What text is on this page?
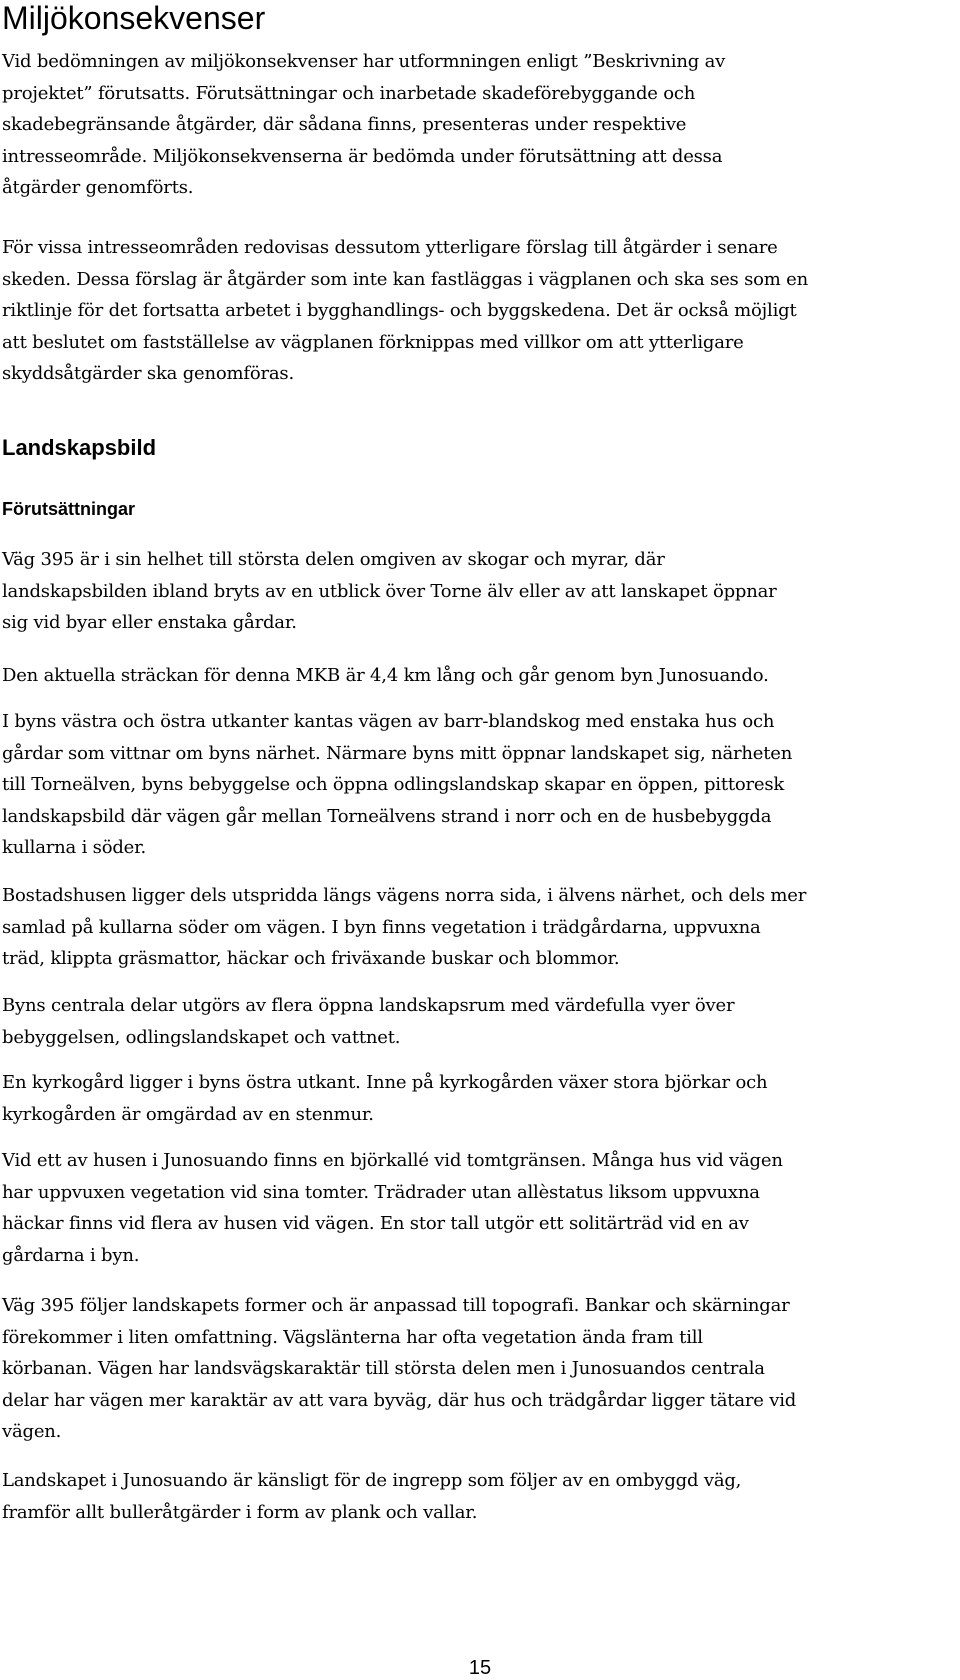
Miljökonsekvenser
Vid bedömningen av miljökonsekvenser har utformningen enligt ”Beskrivning av
projektet” förutsatts. Förutsättningar och inarbetade skadeförebyggande och
skadebegränsande åtgärder, där sådana finns, presenteras under respektive
intresseområde. Miljökonsekvenserna är bedömda under förutsättning att dessa
åtgärder genomförts.
För vissa intresseområden redovisas dessutom ytterligare förslag till åtgärder i senare
skeden. Dessa förslag är åtgärder som inte kan fastläggas i vägplanen och ska ses som en
riktlinje för det fortsatta arbetet i bygghandlings- och byggskedena. Det är också möjligt
att beslutet om fastställelse av vägplanen förknippas med villkor om att ytterligare
skyddsåtgärder ska genomföras.
Landskapsbild
Förutsättningar
Väg 395 är i sin helhet till största delen omgiven av skogar och myrar, där
landskapsbilden ibland bryts av en utblick över Torne älv eller av att lanskapet öppnar
sig vid byar eller enstaka gårdar.
Den aktuella sträckan för denna MKB är 4,4 km lång och går genom byn Junosuando.
I byns västra och östra utkanter kantas vägen av barr-blandskog med enstaka hus och
gårdar som vittnar om byns närhet. Närmare byns mitt öppnar landskapet sig, närheten
till Torneälven, byns bebyggelse och öppna odlingslandskap skapar en öppen, pittoresk
landskapsbild där vägen går mellan Torneälvens strand i norr och en de husbebyggda
kullarna i söder.
Bostadshusen ligger dels utspridda längs vägens norra sida, i älvens närhet, och dels mer
samlad på kullarna söder om vägen. I byn finns vegetation i trädgårdarna, uppvuxna
träd, klippta gräsmattor, häckar och friväxande buskar och blommor.
Byns centrala delar utgörs av flera öppna landskapsrum med värdefulla vyer över
bebyggelsen, odlingslandskapet och vattnet.
En kyrkogård ligger i byns östra utkant. Inne på kyrkogården växer stora björkar och
kyrkogården är omgärdad av en stenmur.
Vid ett av husen i Junosuando finns en björkallé vid tomtgränsen. Många hus vid vägen
har uppvuxen vegetation vid sina tomter. Trädrader utan allèstatus liksom uppvuxna
häckar finns vid flera av husen vid vägen. En stor tall utgör ett solitärträd vid en av
gårdarna i byn.
Väg 395 följer landskapets former och är anpassad till topografi. Bankar och skärningar
förekommer i liten omfattning. Vägslänterna har ofta vegetation ända fram till
körbanan. Vägen har landsvägskaraktär till största delen men i Junosuandos centrala
delar har vägen mer karaktär av att vara byväg, där hus och trädgårdar ligger tätare vid
vägen.
Landskapet i Junosuando är känsligt för de ingrepp som följer av en ombyggd väg,
framför allt bulleråtgärder i form av plank och vallar.
15
